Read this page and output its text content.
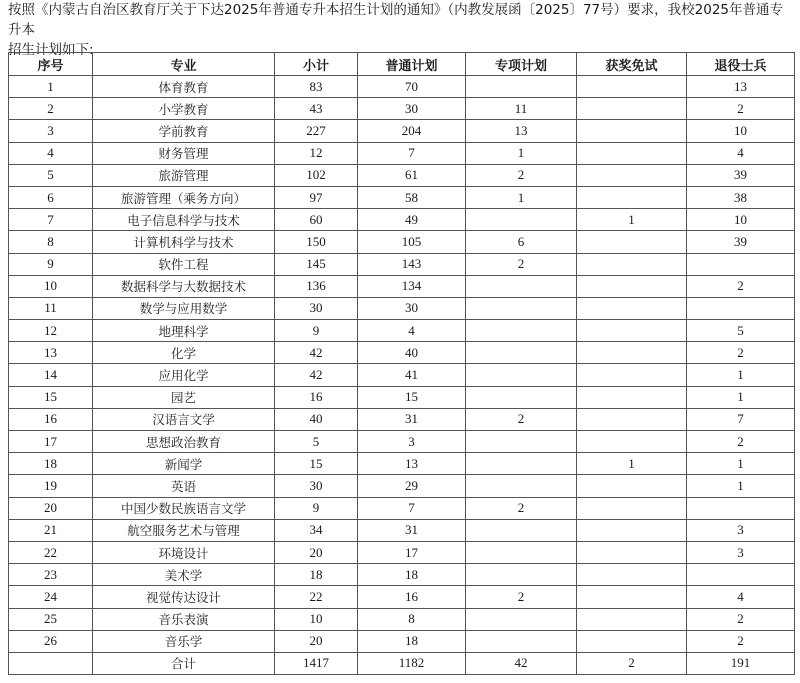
按照《内蒙古自治区教育厅关于下达2025年普通专升本招生计划的通知》（内教发展函〔2025〕77号）要求，我校2025年普通专升本

招生计划如下:

序号	专业	小计	普通计划	专项计划	获奖免试	退役士兵
1	体育教育	83	70			13
2	小学教育	43	30	11		2
3	学前教育	227	204	13		10
4	财务管理	12	7	1		4
5	旅游管理	102	61	2		39
6	旅游管理（乘务方向）	97	58	1		38
7	电子信息科学与技术	60	49		1	10
8	计算机科学与技术	150	105	6		39
9	软件工程	145	143	2		
10	数据科学与大数据技术	136	134			2
11	数学与应用数学	30	30			
12	地理科学	9	4			5
13	化学	42	40			2
14	应用化学	42	41			1
15	园艺	16	15			1
16	汉语言文学	40	31	2		7
17	思想政治教育	5	3			2
18	新闻学	15	13		1	1
19	英语	30	29			1
20	中国少数民族语言文学	9	7	2		
21	航空服务艺术与管理	34	31			3
22	环境设计	20	17			3
23	美术学	18	18			
24	视觉传达设计	22	16	2		4
25	音乐表演	10	8			2
26	音乐学	20	18			2
	合计	1417	1182	42	2	191
